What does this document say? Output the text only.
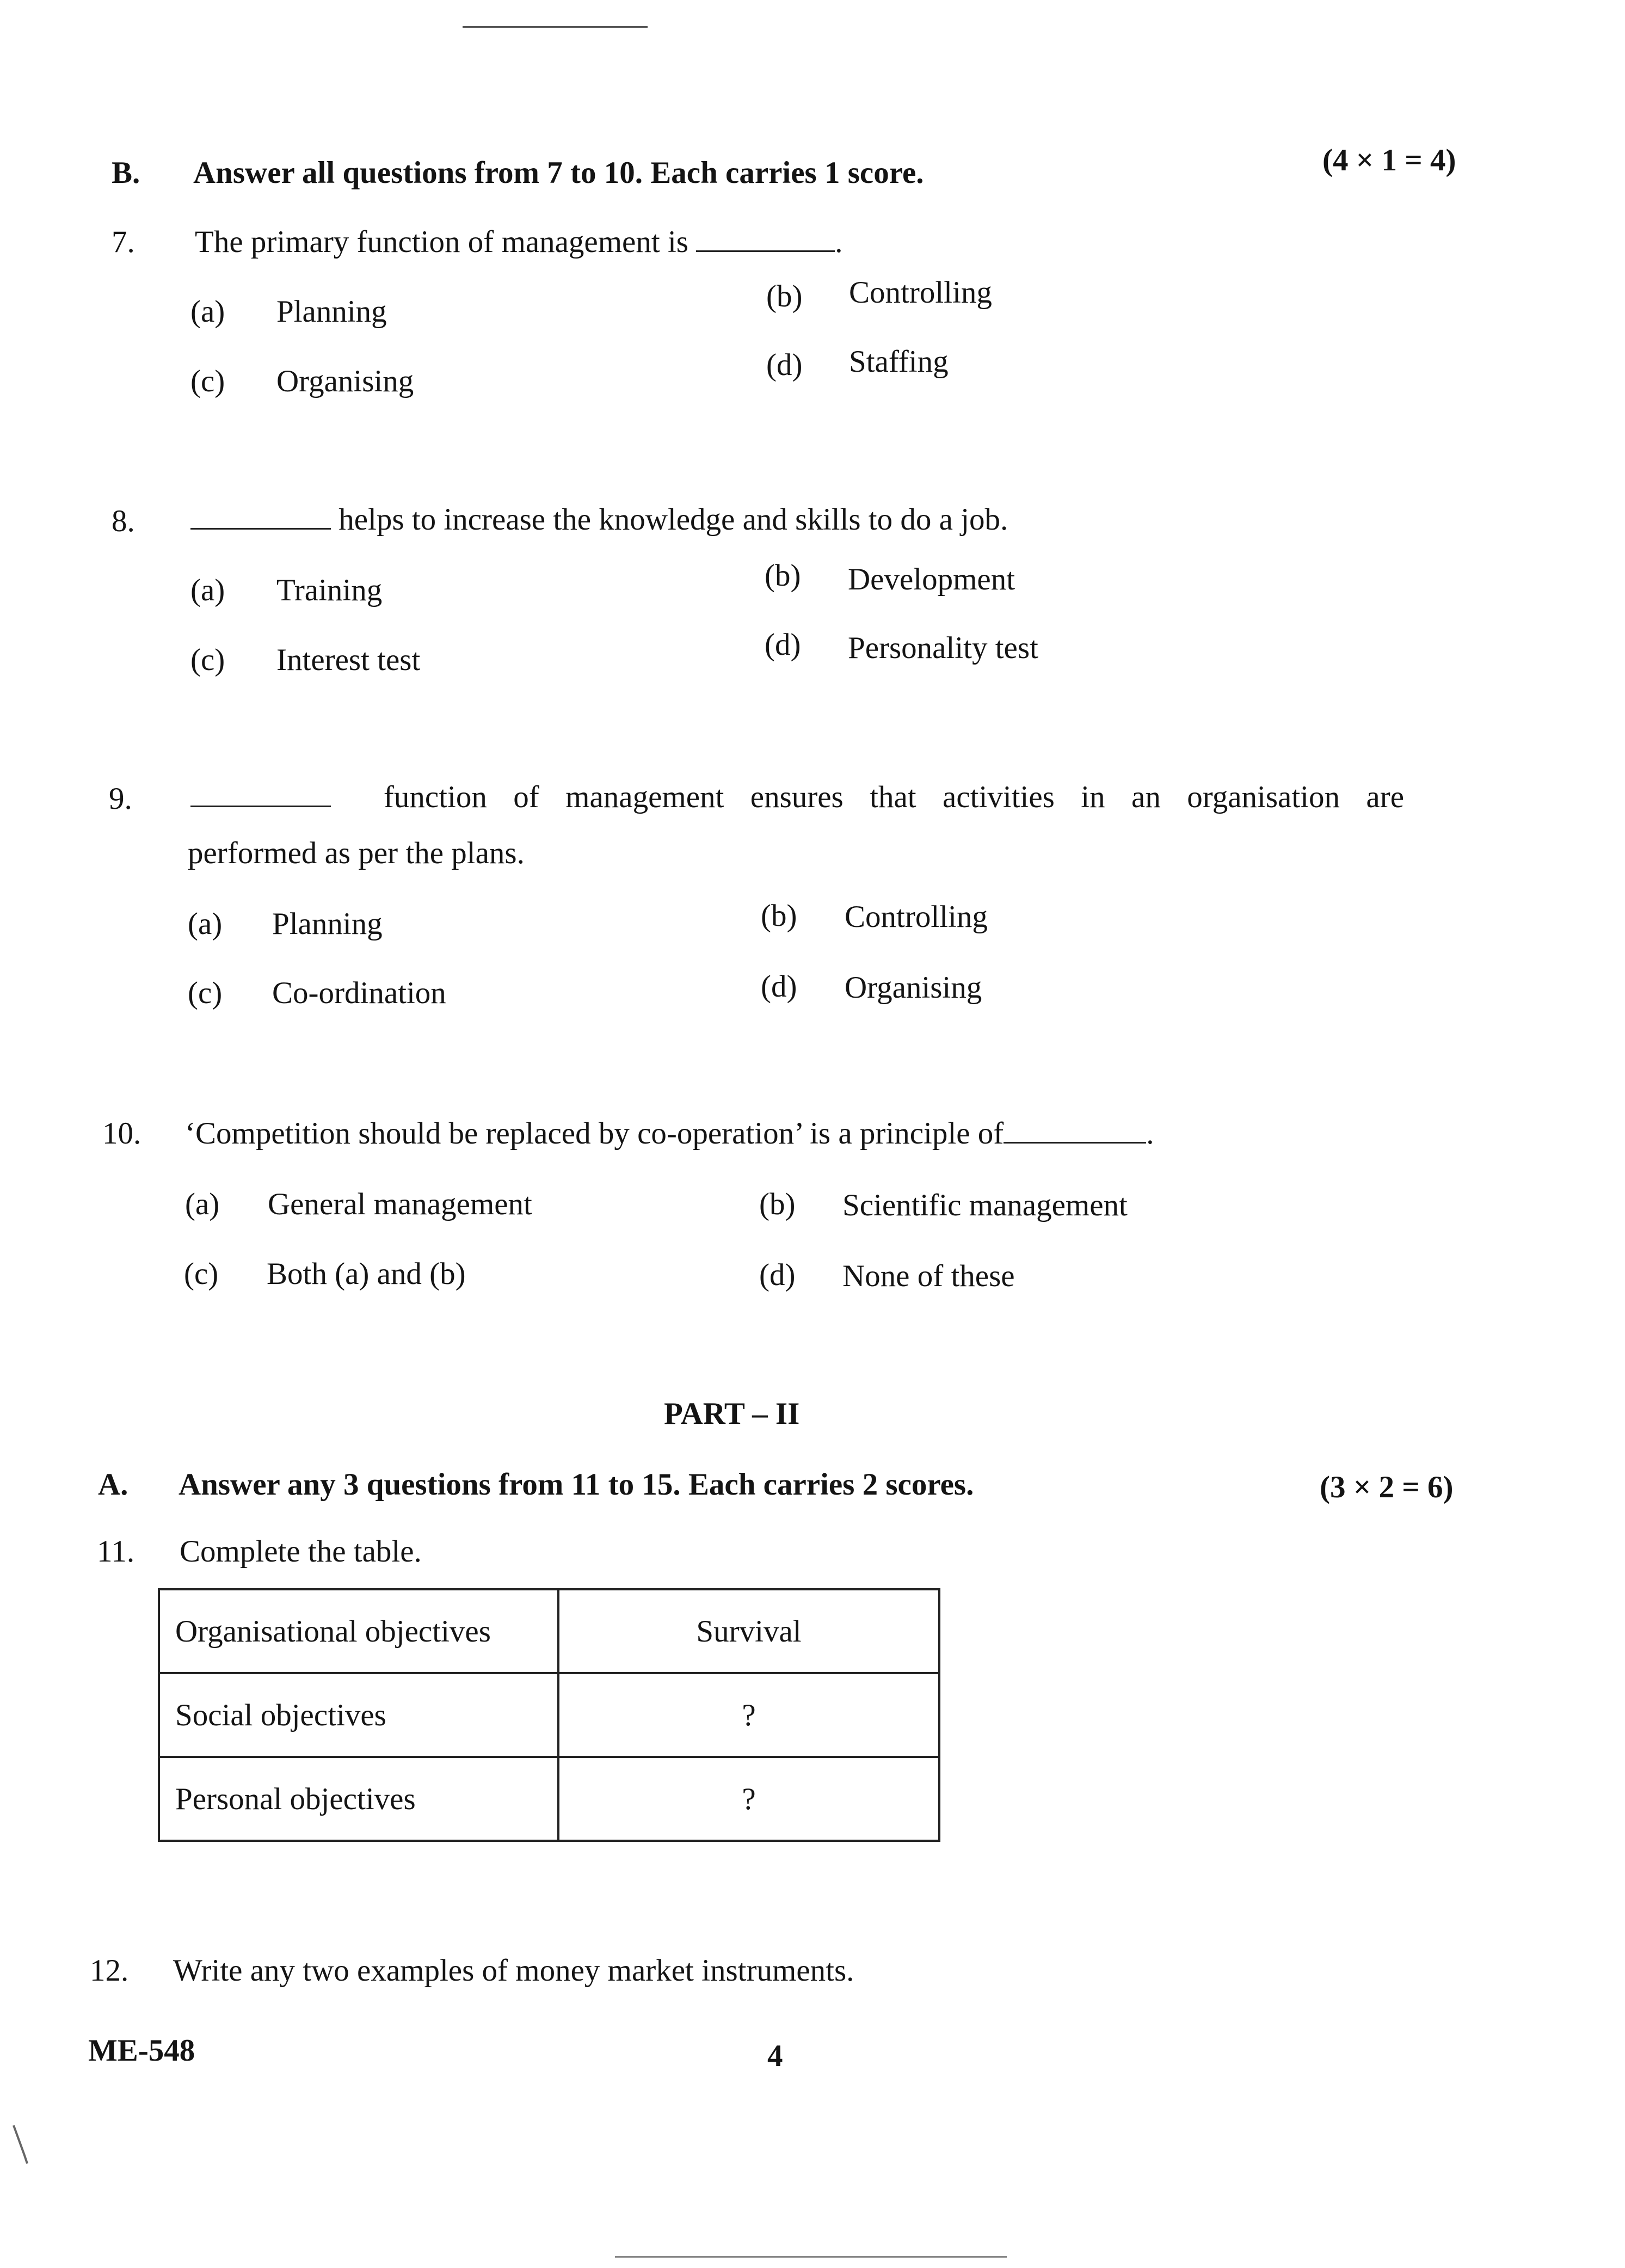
B. Answer all questions from 7 to 10. Each carries 1 score.	(4 × 1 = 4)
7. The primary function of management is	.
(a) Planning	(b) Controlling
(c) Organising	(d) Staffing
8.	helps to increase the knowledge and skills to do a job.
(a) Training	(b) Development
(c) Interest test	(d) Personality test
9.	function of management ensures that activities in an organisation are
performed as per the plans.
(a) Planning	(b) Controlling
(c) Co-ordination	(d) Organising
10. ‘Competition should be replaced by co-operation’ is a principle of	.
(a) General management	(b) Scientific management
(c) Both (a) and (b)	(d) None of these
PART – II
A. Answer any 3 questions from 11 to 15. Each carries 2 scores.	(3 × 2 = 6)
11. Complete the table.
Organisational objectives	Survival
Social objectives	?
Personal objectives	?
12. Write any two examples of money market instruments.
ME-548	4
